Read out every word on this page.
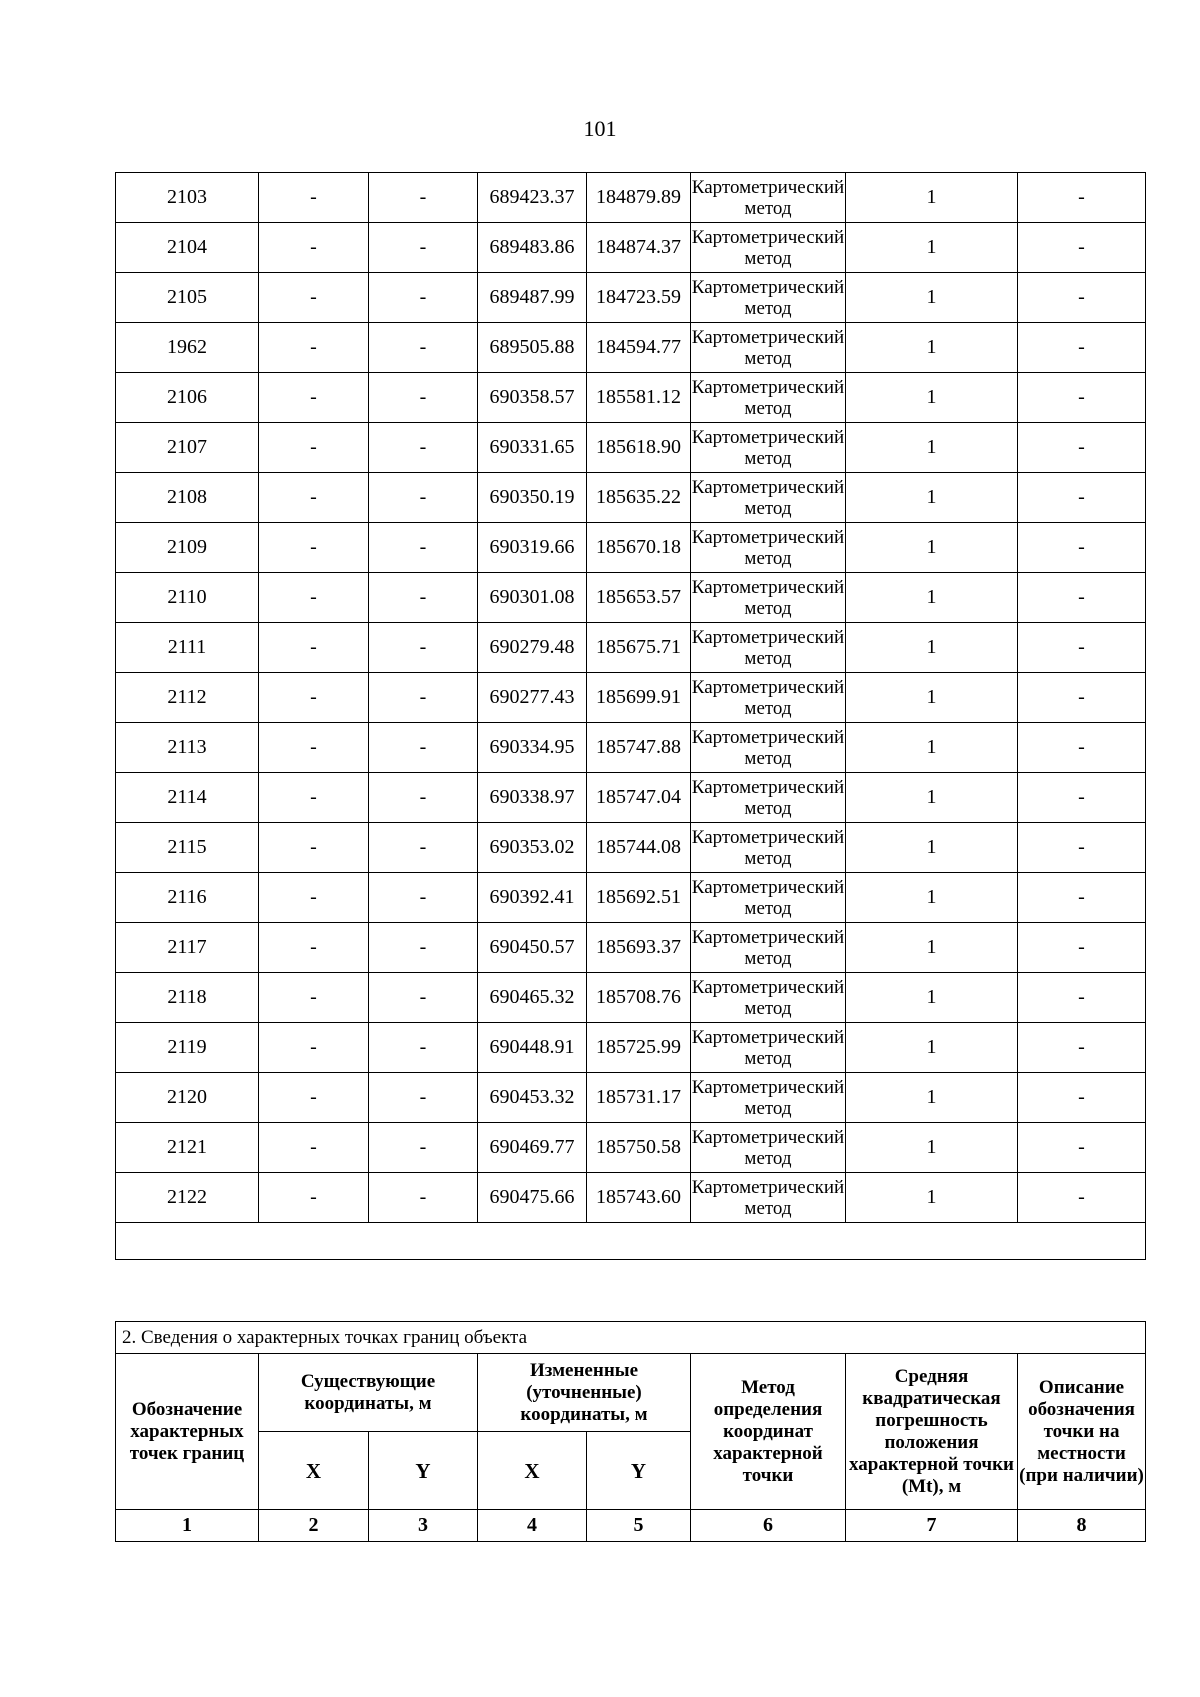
101
2103	-	-	689423.37	184879.89	Картометрический метод	1	-
2104	-	-	689483.86	184874.37	Картометрический метод	1	-
2105	-	-	689487.99	184723.59	Картометрический метод	1	-
1962	-	-	689505.88	184594.77	Картометрический метод	1	-
2106	-	-	690358.57	185581.12	Картометрический метод	1	-
2107	-	-	690331.65	185618.90	Картометрический метод	1	-
2108	-	-	690350.19	185635.22	Картометрический метод	1	-
2109	-	-	690319.66	185670.18	Картометрический метод	1	-
2110	-	-	690301.08	185653.57	Картометрический метод	1	-
2111	-	-	690279.48	185675.71	Картометрический метод	1	-
2112	-	-	690277.43	185699.91	Картометрический метод	1	-
2113	-	-	690334.95	185747.88	Картометрический метод	1	-
2114	-	-	690338.97	185747.04	Картометрический метод	1	-
2115	-	-	690353.02	185744.08	Картометрический метод	1	-
2116	-	-	690392.41	185692.51	Картометрический метод	1	-
2117	-	-	690450.57	185693.37	Картометрический метод	1	-
2118	-	-	690465.32	185708.76	Картометрический метод	1	-
2119	-	-	690448.91	185725.99	Картометрический метод	1	-
2120	-	-	690453.32	185731.17	Картометрический метод	1	-
2121	-	-	690469.77	185750.58	Картометрический метод	1	-
2122	-	-	690475.66	185743.60	Картометрический метод	1	-

2. Сведения о характерных точках границ объекта							
Обозначение характерных точек границ	Существующие координаты, м		Измененные (уточненные) координаты, м		Метод определения координат характерной точки	Средняя квадратическая погрешность положения характерной точки (Mt), м	Описание обозначения точки на местности (при наличии)
	X	Y	X	Y			
1	2	3	4	5	6	7	8
